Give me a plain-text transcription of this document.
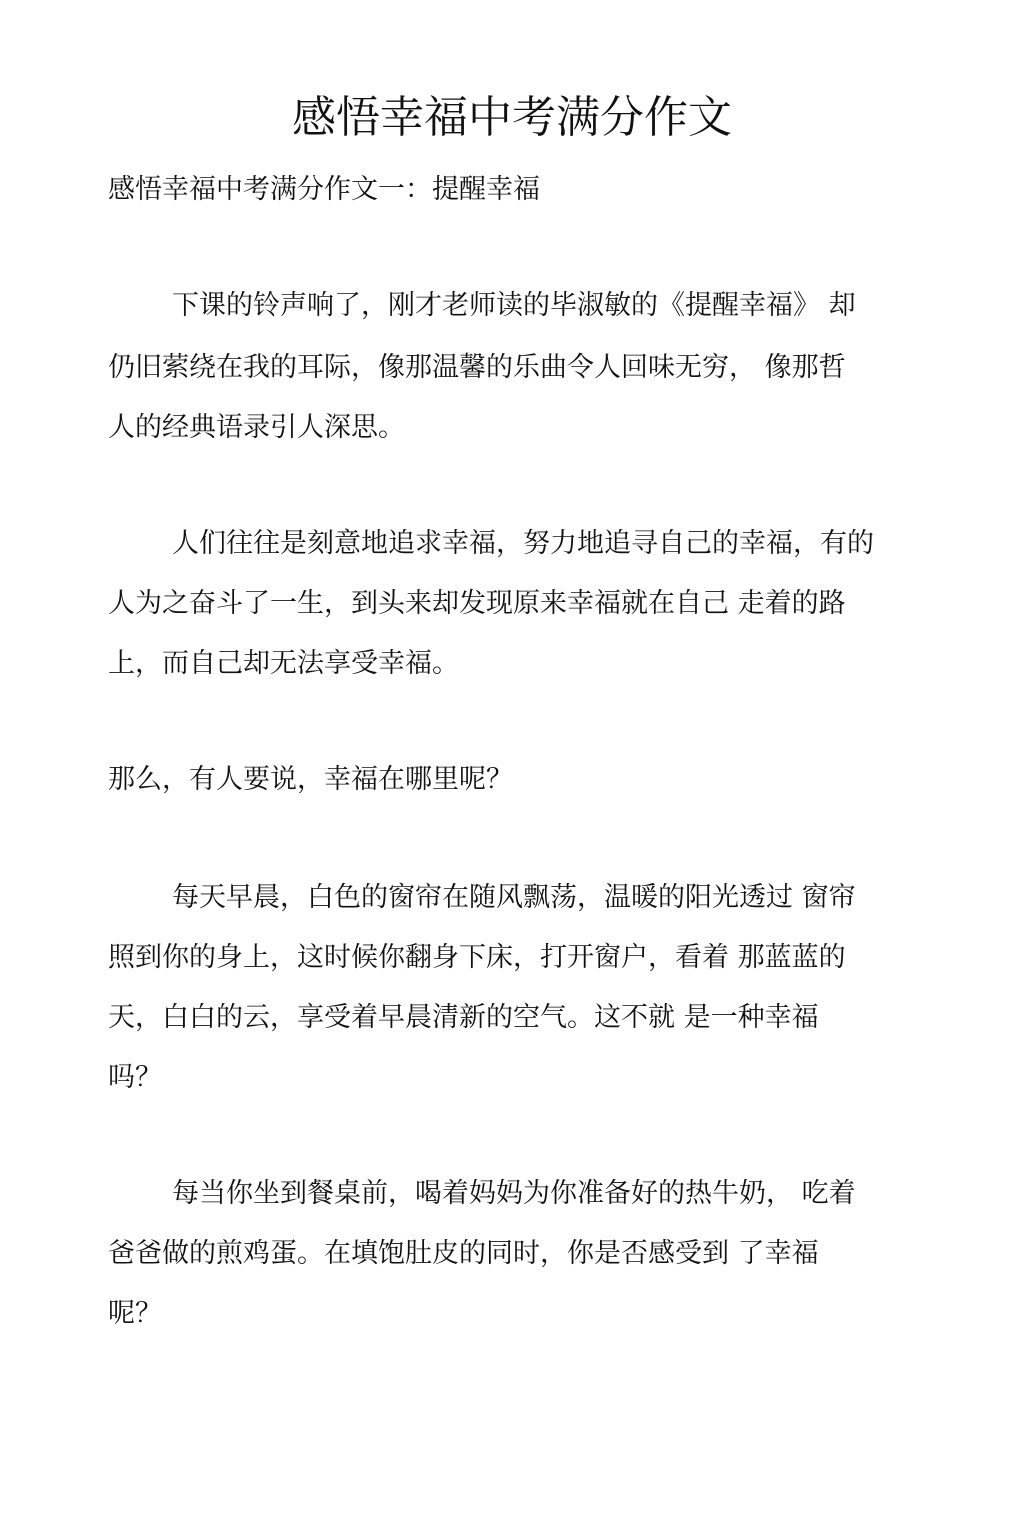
感悟幸福中考满分作文

感悟幸福中考满分作文一：提醒幸福

下课的铃声响了，刚才老师读的毕淑敏的《提醒幸福》 却

仍旧萦绕在我的耳际，像那温馨的乐曲令人回味无穷， 像那哲

人的经典语录引人深思。

人们往往是刻意地追求幸福，努力地追寻自己的幸福，有的

人为之奋斗了一生，到头来却发现原来幸福就在自己 走着的路

上，而自己却无法享受幸福。

那么，有人要说，幸福在哪里呢？

每天早晨，白色的窗帘在随风飘荡，温暖的阳光透过 窗帘

照到你的身上，这时候你翻身下床，打开窗户，看着 那蓝蓝的

天，白白的云，享受着早晨清新的空气。这不就 是一种幸福

吗？

每当你坐到餐桌前，喝着妈妈为你准备好的热牛奶， 吃着

爸爸做的煎鸡蛋。在填饱肚皮的同时，你是否感受到 了幸福

呢？
